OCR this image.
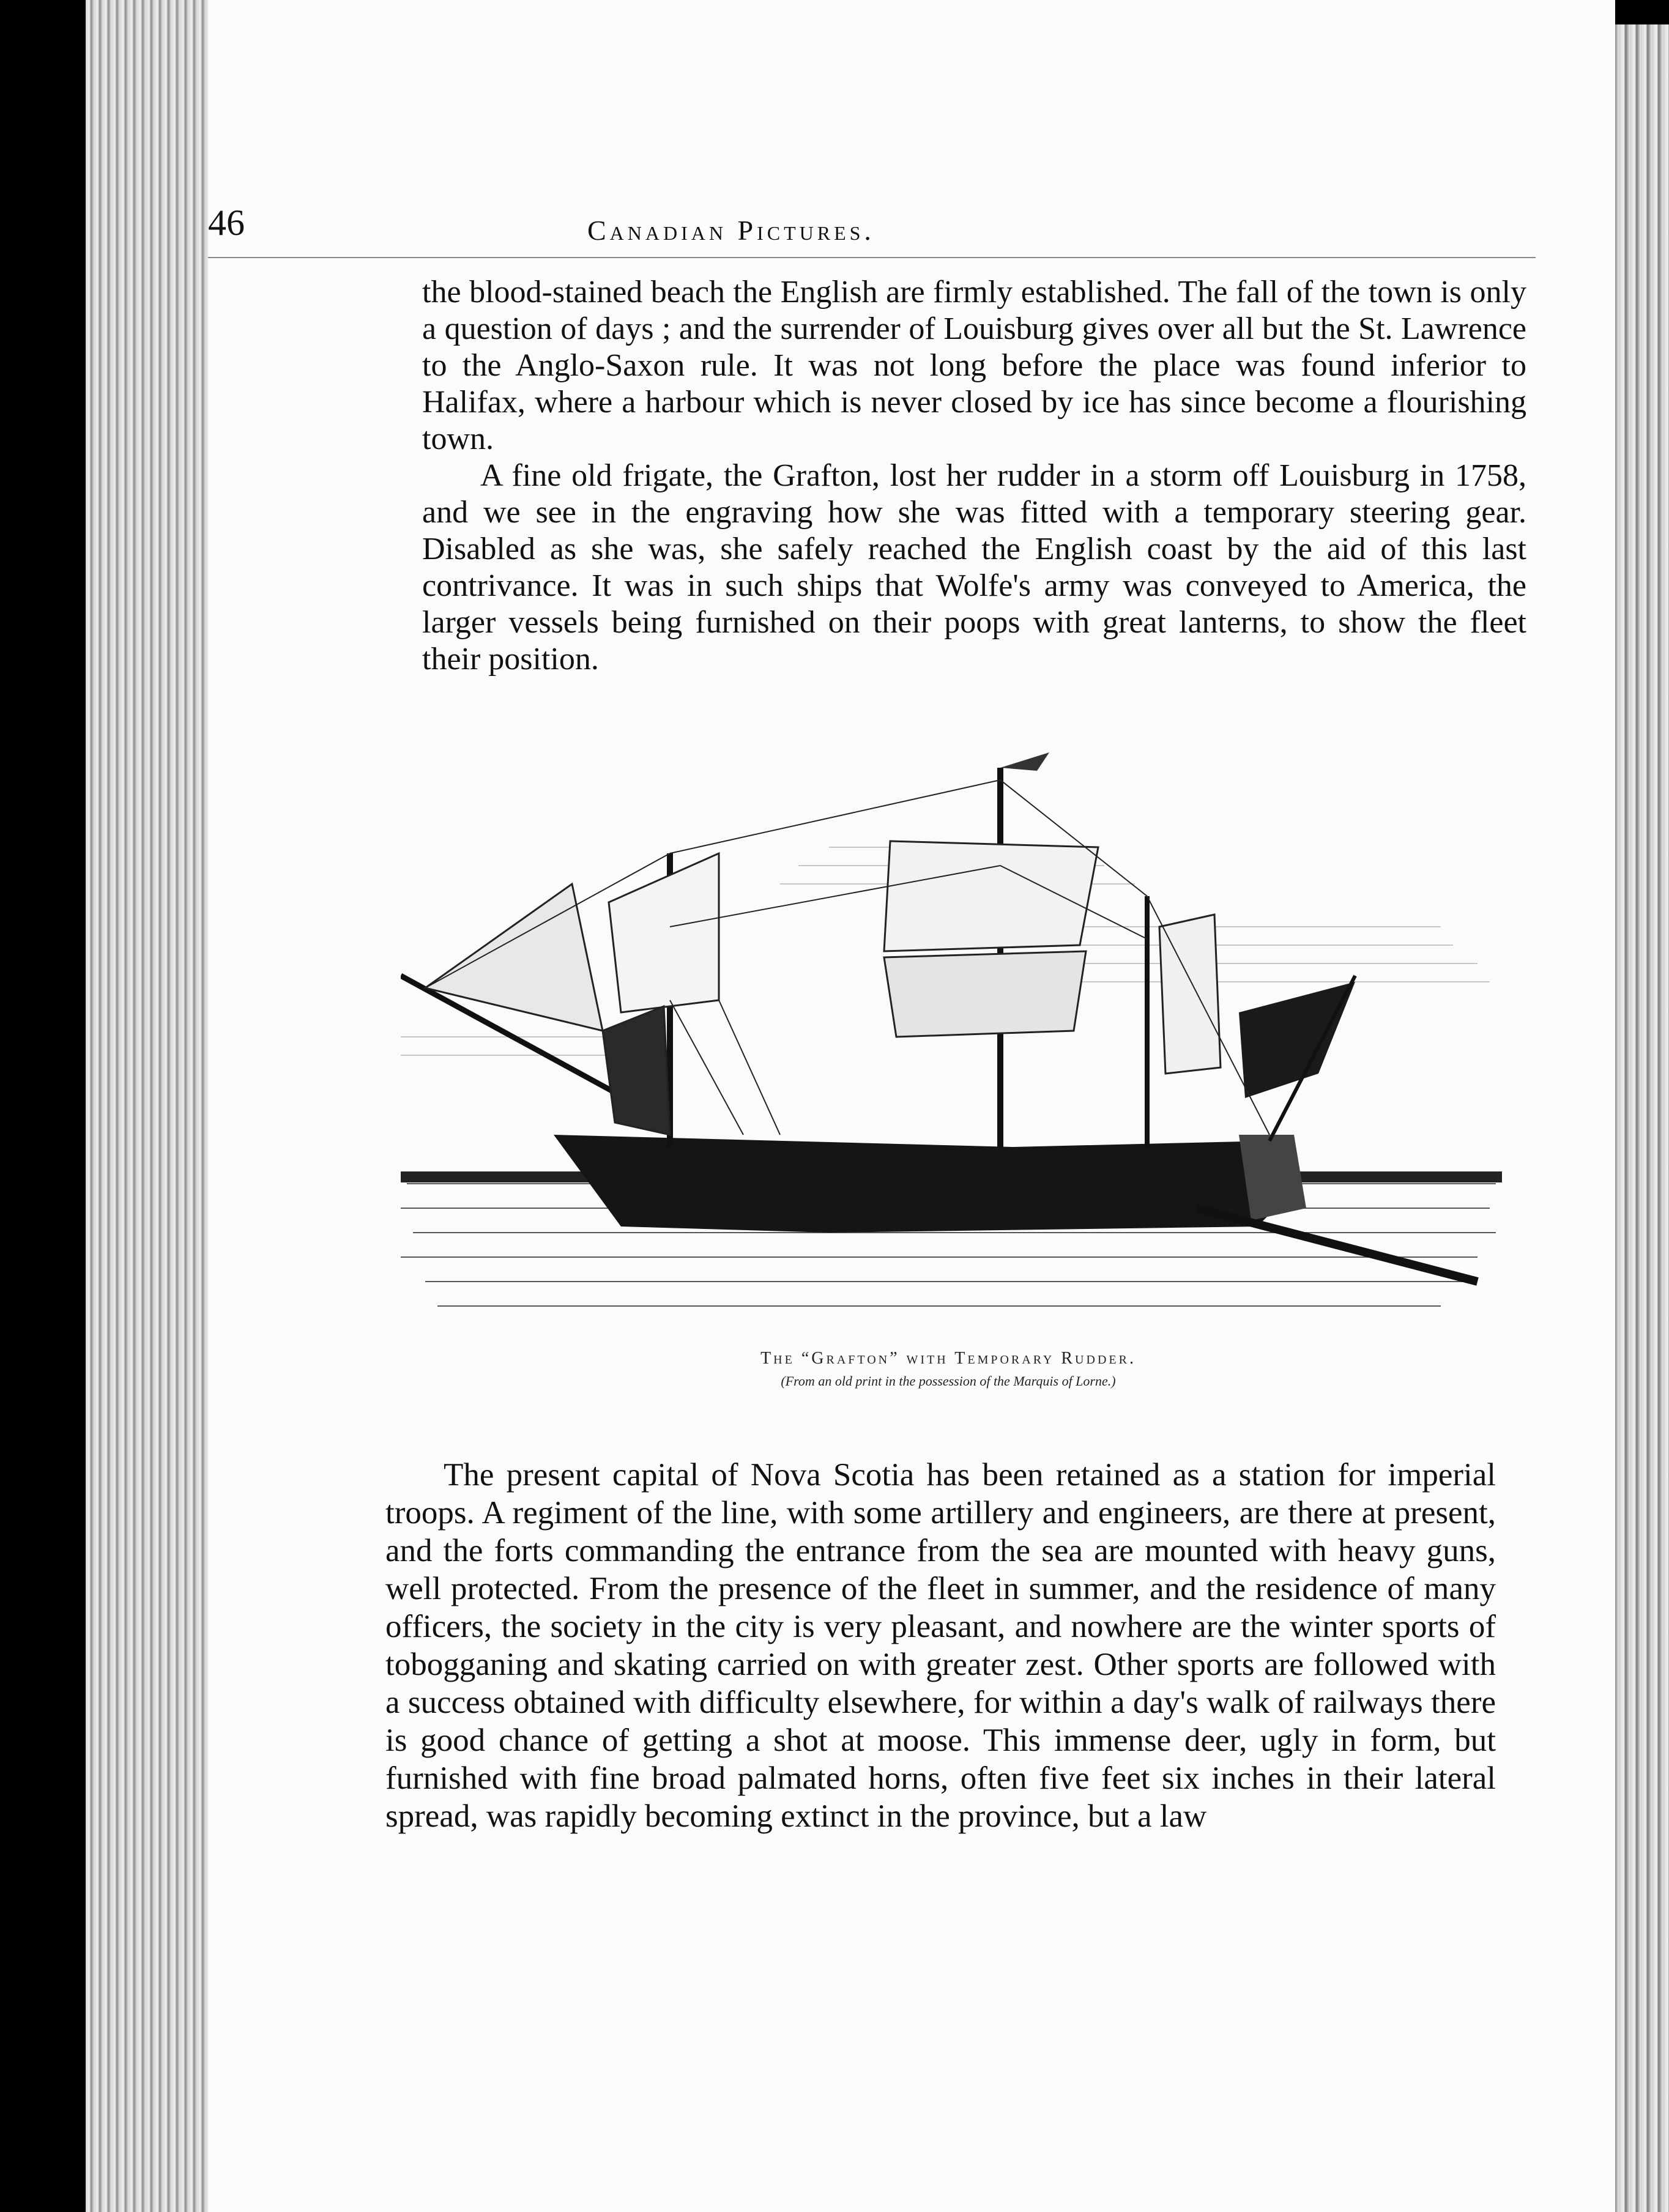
46	Canadian Pictures.

the blood-stained beach the English are firmly established. The fall of the town is only a question of days ; and the surrender of Louisburg gives over all but the St. Lawrence to the Anglo-Saxon rule. It was not long before the place was found inferior to Halifax, where a harbour which is never closed by ice has since become a flourishing town.

A fine old frigate, the Grafton, lost her rudder in a storm off Louisburg in 1758, and we see in the engraving how she was fitted with a temporary steering gear. Disabled as she was, she safely reached the English coast by the aid of this last contrivance. It was in such ships that Wolfe's army was conveyed to America, the larger vessels being furnished on their poops with great lanterns, to show the fleet their position.

The “Grafton” with Temporary Rudder.
(From an old print in the possession of the Marquis of Lorne.)

The present capital of Nova Scotia has been retained as a station for imperial troops. A regiment of the line, with some artillery and engineers, are there at present, and the forts commanding the entrance from the sea are mounted with heavy guns, well protected. From the presence of the fleet in summer, and the residence of many officers, the society in the city is very pleasant, and nowhere are the winter sports of tobogganing and skating carried on with greater zest. Other sports are followed with a success obtained with difficulty elsewhere, for within a day's walk of railways there is good chance of getting a shot at moose. This immense deer, ugly in form, but furnished with fine broad palmated horns, often five feet six inches in their lateral spread, was rapidly becoming extinct in the province, but a law
